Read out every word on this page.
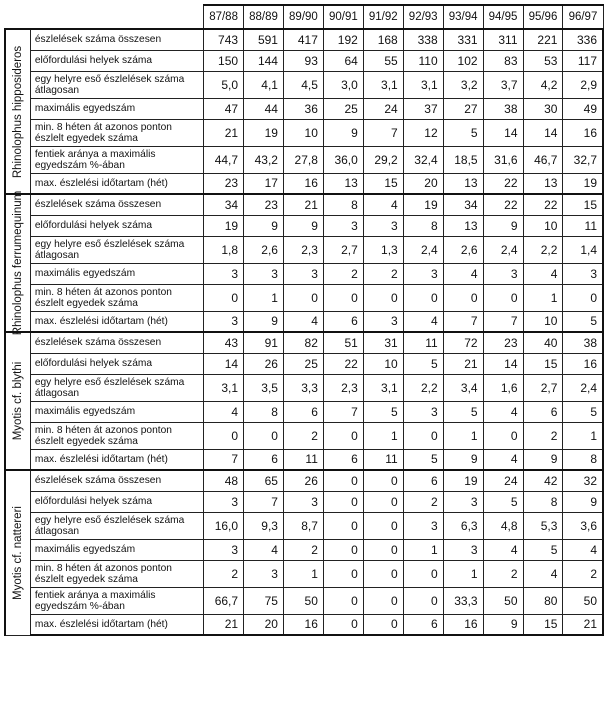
		87/88	88/89	89/90	90/91	91/92	92/93	93/94	94/95	95/96	96/97

Rhinolophus hipposideros	észlelések száma összesen	743	591	417	192	168	338	331	311	221	336
	előfordulási helyek száma	150	144	93	64	55	110	102	83	53	117
	egy helyre eső észlelések száma átlagosan	5,0	4,1	4,5	3,0	3,1	3,1	3,2	3,7	4,2	2,9
	maximális egyedszám	47	44	36	25	24	37	27	38	30	49
	min. 8 héten át azonos ponton észlelt egyedek száma	21	19	10	9	7	12	5	14	14	16
	fentiek aránya a maximális egyedszám %-ában	44,7	43,2	27,8	36,0	29,2	32,4	18,5	31,6	46,7	32,7
	max. észlelési időtartam (hét)	23	17	16	13	15	20	13	22	13	19

Rhinolophus ferrumequinum	észlelések száma összesen	34	23	21	8	4	19	34	22	22	15
	előfordulási helyek száma	19	9	9	3	3	8	13	9	10	11
	egy helyre eső észlelések száma átlagosan	1,8	2,6	2,3	2,7	1,3	2,4	2,6	2,4	2,2	1,4
	maximális egyedszám	3	3	3	2	2	3	4	3	4	3
	min. 8 héten át azonos ponton észlelt egyedek száma	0	1	0	0	0	0	0	0	1	0
	max. észlelési időtartam (hét)	3	9	4	6	3	4	7	7	10	5

Myotis cf. blythi	észlelések száma összesen	43	91	82	51	31	11	72	23	40	38
	előfordulási helyek száma	14	26	25	22	10	5	21	14	15	16
	egy helyre eső észlelések száma átlagosan	3,1	3,5	3,3	2,3	3,1	2,2	3,4	1,6	2,7	2,4
	maximális egyedszám	4	8	6	7	5	3	5	4	6	5
	min. 8 héten át azonos ponton észlelt egyedek száma	0	0	2	0	1	0	1	0	2	1
	max. észlelési időtartam (hét)	7	6	11	6	11	5	9	4	9	8

Myotis cf. nattereri	észlelések száma összesen	48	65	26	0	0	6	19	24	42	32
	előfordulási helyek száma	3	7	3	0	0	2	3	5	8	9
	egy helyre eső észlelések száma átlagosan	16,0	9,3	8,7	0	0	3	6,3	4,8	5,3	3,6
	maximális egyedszám	3	4	2	0	0	1	3	4	5	4
	min. 8 héten át azonos ponton észlelt egyedek száma	2	3	1	0	0	0	1	2	4	2
	fentiek aránya a maximális egyedszám %-ában	66,7	75	50	0	0	0	33,3	50	80	50
	max. észlelési időtartam (hét)	21	20	16	0	0	6	16	9	15	21
